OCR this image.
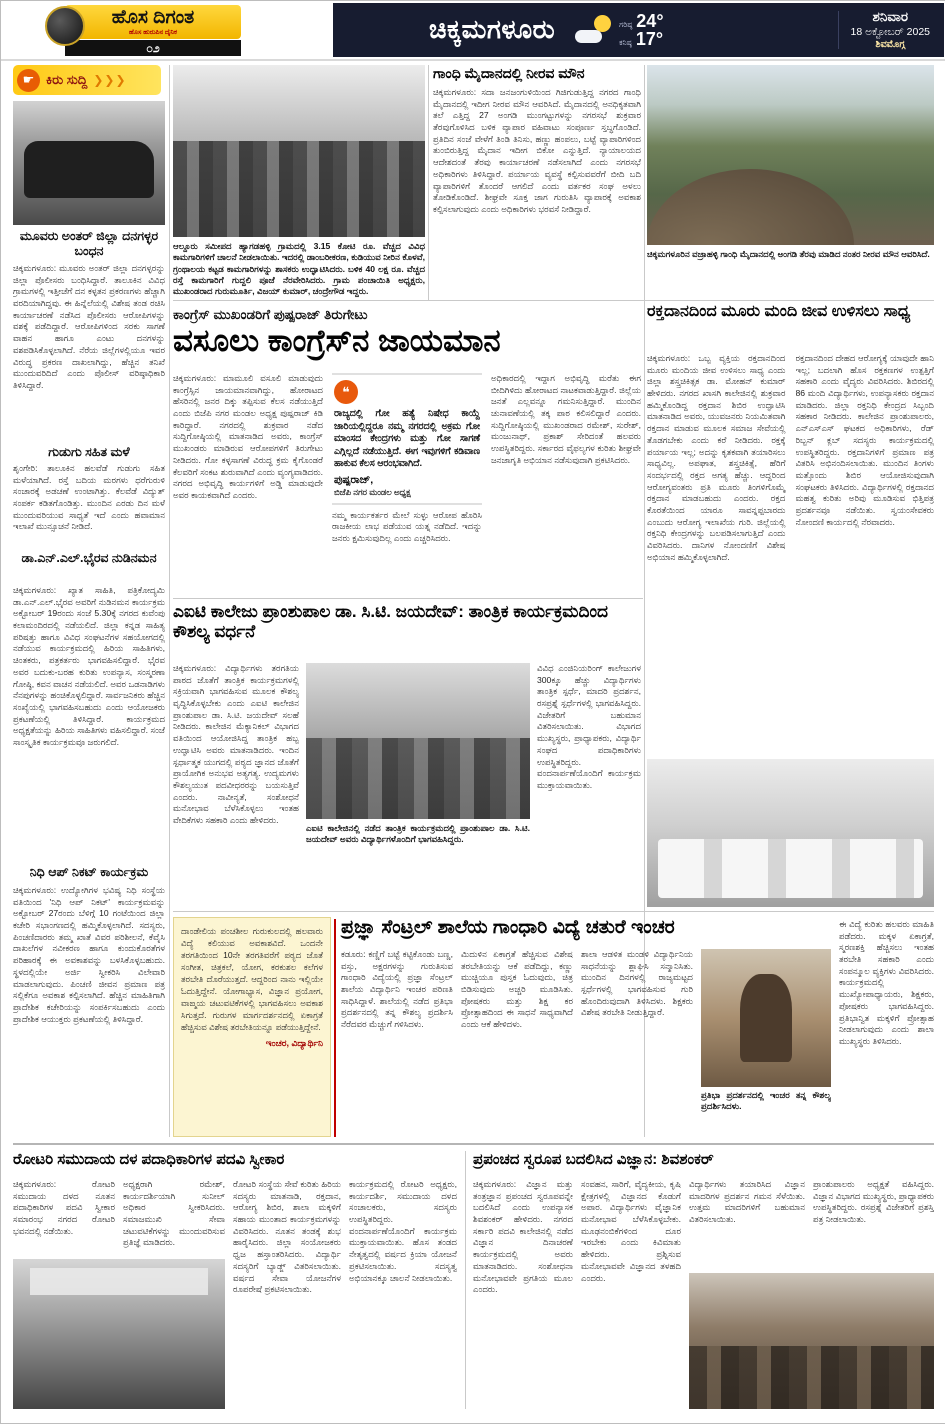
ಹೊಸ ದಿಗಂತ
ಹೊಸ ಹುರುಪಿನ ದೈನಿಕ
೦೨
ಚಿಕ್ಕಮಗಳೂರು	ಗರಿಷ್ಠ 24°
ಕನಿಷ್ಠ 17°
ಶನಿವಾರ
18 ಅಕ್ಟೋಬರ್ 2025
ಶಿವಮೊಗ್ಗ
☛ ಕಿರು ಸುದ್ದಿ ❯❯❯
ಮೂವರು ಅಂತರ್ ಜಿಲ್ಲಾ ದನಗಳ್ಳರ ಬಂಧನ
ಚಿಕ್ಕಮಗಳೂರು: ಮೂವರು ಅಂತರ್ ಜಿಲ್ಲಾ ದನಗಳ್ಳರನ್ನು ಜಿಲ್ಲಾ ಪೊಲೀಸರು ಬಂಧಿಸಿದ್ದಾರೆ. ತಾಲೂಕಿನ ವಿವಿಧ ಗ್ರಾಮಗಳಲ್ಲಿ ಇತ್ತೀಚೆಗೆ ದನ ಕಳ್ಳತನ ಪ್ರಕರಣಗಳು ಹೆಚ್ಚಾಗಿ ವರದಿಯಾಗಿದ್ದವು. ಈ ಹಿನ್ನೆಲೆಯಲ್ಲಿ ವಿಶೇಷ ತಂಡ ರಚಿಸಿ ಕಾರ್ಯಾಚರಣೆ ನಡೆಸಿದ ಪೊಲೀಸರು ಆರೋಪಿಗಳನ್ನು ವಶಕ್ಕೆ ಪಡೆದಿದ್ದಾರೆ. ಆರೋಪಿಗಳಿಂದ ಸರಕು ಸಾಗಣೆ ವಾಹನ ಹಾಗೂ ಎಂಟು ದನಗಳನ್ನು ವಶಪಡಿಸಿಕೊಳ್ಳಲಾಗಿದೆ. ನೆರೆಯ ಜಿಲ್ಲೆಗಳಲ್ಲಿಯೂ ಇವರ ವಿರುದ್ಧ ಪ್ರಕರಣ ದಾಖಲಾಗಿದ್ದು, ಹೆಚ್ಚಿನ ತನಿಖೆ ಮುಂದುವರಿದಿದೆ ಎಂದು ಪೊಲೀಸ್ ವರಿಷ್ಠಾಧಿಕಾರಿ ತಿಳಿಸಿದ್ದಾರೆ.
ಗುಡುಗು ಸಹಿತ ಮಳೆ
ಶೃಂಗೇರಿ: ತಾಲೂಕಿನ ಹಲವೆಡೆ ಗುಡುಗು ಸಹಿತ ಮಳೆಯಾಗಿದೆ. ರಸ್ತೆ ಬದಿಯ ಮರಗಳು ಧರೆಗುರುಳಿ ಸಂಚಾರಕ್ಕೆ ಅಡಚಣೆ ಉಂಟಾಗಿತ್ತು. ಕೆಲವೆಡೆ ವಿದ್ಯುತ್ ಸಂಪರ್ಕ ಕಡಿತಗೊಂಡಿತ್ತು. ಮುಂದಿನ ಎರಡು ದಿನ ಮಳೆ ಮುಂದುವರಿಯುವ ಸಾಧ್ಯತೆ ಇದೆ ಎಂದು ಹವಾಮಾನ ಇಲಾಖೆ ಮುನ್ಸೂಚನೆ ನೀಡಿದೆ.
ಡಾ.ಎನ್.ಎಲ್.ಭೈರವ ನುಡಿನಮನ
ಚಿಕ್ಕಮಗಳೂರು: ಖ್ಯಾತ ಸಾಹಿತಿ, ಪತ್ರಿಕೋದ್ಯಮಿ ಡಾ.ಎನ್.ಎಲ್.ಭೈರವ ಅವರಿಗೆ ನುಡಿನಮನ ಕಾರ್ಯಕ್ರಮ ಅಕ್ಟೋಬರ್ 19ರಂದು ಸಂಜೆ 5.30ಕ್ಕೆ ನಗರದ ಕುವೆಂಪು ಕಲಾಮಂದಿರದಲ್ಲಿ ನಡೆಯಲಿದೆ. ಜಿಲ್ಲಾ ಕನ್ನಡ ಸಾಹಿತ್ಯ ಪರಿಷತ್ತು ಹಾಗೂ ವಿವಿಧ ಸಂಘಟನೆಗಳ ಸಹಯೋಗದಲ್ಲಿ ನಡೆಯುವ ಕಾರ್ಯಕ್ರಮದಲ್ಲಿ ಹಿರಿಯ ಸಾಹಿತಿಗಳು, ಚಿಂತಕರು, ಪತ್ರಕರ್ತರು ಭಾಗವಹಿಸಲಿದ್ದಾರೆ. ಭೈರವ ಅವರ ಬದುಕು-ಬರಹ ಕುರಿತು ಉಪನ್ಯಾಸ, ಸಂಸ್ಮರಣಾ ಗೋಷ್ಠಿ, ಕವನ ವಾಚನ ನಡೆಯಲಿದೆ. ಅವರ ಒಡನಾಡಿಗಳು ನೆನಪುಗಳನ್ನು ಹಂಚಿಕೊಳ್ಳಲಿದ್ದಾರೆ. ಸಾರ್ವಜನಿಕರು ಹೆಚ್ಚಿನ ಸಂಖ್ಯೆಯಲ್ಲಿ ಭಾಗವಹಿಸಬಹುದು ಎಂದು ಆಯೋಜಕರು ಪ್ರಕಟಣೆಯಲ್ಲಿ ತಿಳಿಸಿದ್ದಾರೆ. ಕಾರ್ಯಕ್ರಮದ ಅಧ್ಯಕ್ಷತೆಯನ್ನು ಹಿರಿಯ ಸಾಹಿತಿಗಳು ವಹಿಸಲಿದ್ದಾರೆ. ಸಂಜೆ ಸಾಂಸ್ಕೃತಿಕ ಕಾರ್ಯಕ್ರಮವೂ ಜರುಗಲಿದೆ.
ನಿಧಿ ಆಪ್ ನಿಕಟ್ ಕಾರ್ಯಕ್ರಮ
ಚಿಕ್ಕಮಗಳೂರು: ಉದ್ಯೋಗಿಗಳ ಭವಿಷ್ಯ ನಿಧಿ ಸಂಸ್ಥೆಯ ವತಿಯಿಂದ 'ನಿಧಿ ಆಪ್ ನಿಕಟ್' ಕಾರ್ಯಕ್ರಮವನ್ನು ಅಕ್ಟೋಬರ್ 27ರಂದು ಬೆಳಿಗ್ಗೆ 10 ಗಂಟೆಯಿಂದ ಜಿಲ್ಲಾ ಕಚೇರಿ ಸಭಾಂಗಣದಲ್ಲಿ ಹಮ್ಮಿಕೊಳ್ಳಲಾಗಿದೆ. ಸದಸ್ಯರು, ಪಿಂಚಣಿದಾರರು ತಮ್ಮ ಖಾತೆ ವಿವರ ಪರಿಶೀಲನೆ, ಕೆವೈಸಿ ದಾಖಲೆಗಳ ನವೀಕರಣ ಹಾಗೂ ಕುಂದುಕೊರತೆಗಳ ಪರಿಹಾರಕ್ಕೆ ಈ ಅವಕಾಶವನ್ನು ಬಳಸಿಕೊಳ್ಳಬಹುದು. ಸ್ಥಳದಲ್ಲಿಯೇ ಅರ್ಜಿ ಸ್ವೀಕರಿಸಿ ವಿಲೇವಾರಿ ಮಾಡಲಾಗುವುದು. ಪಿಂಚಣಿ ಜೀವನ ಪ್ರಮಾಣ ಪತ್ರ ಸಲ್ಲಿಕೆಗೂ ಅವಕಾಶ ಕಲ್ಪಿಸಲಾಗಿದೆ. ಹೆಚ್ಚಿನ ಮಾಹಿತಿಗಾಗಿ ಪ್ರಾದೇಶಿಕ ಕಚೇರಿಯನ್ನು ಸಂಪರ್ಕಿಸಬಹುದು ಎಂದು ಪ್ರಾದೇಶಿಕ ಆಯುಕ್ತರು ಪ್ರಕಟಣೆಯಲ್ಲಿ ತಿಳಿಸಿದ್ದಾರೆ.
ಆಲ್ದೂರು ಸಮೀಪದ ಹ್ಯಾಗಡಹಳ್ಳಿ ಗ್ರಾಮದಲ್ಲಿ 3.15 ಕೋಟಿ ರೂ. ವೆಚ್ಚದ ವಿವಿಧ ಕಾಮಗಾರಿಗಳಿಗೆ ಚಾಲನೆ ನೀಡಲಾಯಿತು. ಇದರಲ್ಲಿ ಡಾಂಬರೀಕರಣ, ಕುಡಿಯುವ ನೀರಿನ ಕೊಳವೆ, ಗ್ರಂಥಾಲಯ ಕಟ್ಟಡ ಕಾಮಗಾರಿಗಳನ್ನು ಶಾಸಕರು ಉದ್ಘಾಟಿಸಿದರು. ಬಳಿಕ 40 ಲಕ್ಷ ರೂ. ವೆಚ್ಚದ ರಸ್ತೆ ಕಾಮಗಾರಿಗೆ ಗುದ್ದಲಿ ಪೂಜೆ ನೆರವೇರಿಸಿದರು. ಗ್ರಾಮ ಪಂಚಾಯಿತಿ ಅಧ್ಯಕ್ಷರು, ಮುಖಂಡರಾದ ಗುರುಮೂರ್ತಿ, ವಿಜಯ್ ಕುಮಾರ್, ಚಂದ್ರೇಗೌಡ ಇದ್ದರು.
ಗಾಂಧಿ ಮೈದಾನದಲ್ಲಿ ನೀರವ ಮೌನ
ಚಿಕ್ಕಮಗಳೂರು: ಸದಾ ಜನಜಂಗುಳಿಯಿಂದ ಗಿಜಿಗುಡುತ್ತಿದ್ದ ನಗರದ ಗಾಂಧಿ ಮೈದಾನದಲ್ಲಿ ಇದೀಗ ನೀರವ ಮೌನ ಆವರಿಸಿದೆ. ಮೈದಾನದಲ್ಲಿ ಅನಧಿಕೃತವಾಗಿ ತಲೆ ಎತ್ತಿದ್ದ 27 ಅಂಗಡಿ ಮುಂಗಟ್ಟುಗಳನ್ನು ನಗರಸಭೆ ಶುಕ್ರವಾರ ತೆರವುಗೊಳಿಸಿದ ಬಳಿಕ ವ್ಯಾಪಾರ ವಹಿವಾಟು ಸಂಪೂರ್ಣ ಸ್ತಬ್ಧಗೊಂಡಿದೆ. ಪ್ರತಿದಿನ ಸಂಜೆ ವೇಳೆಗೆ ತಿಂಡಿ ತಿನಿಸು, ಹಣ್ಣು ಹಂಪಲು, ಬಟ್ಟೆ ವ್ಯಾಪಾರಿಗಳಿಂದ ತುಂಬಿರುತ್ತಿದ್ದ ಮೈದಾನ ಇದೀಗ ಬಿಕೋ ಎನ್ನುತ್ತಿದೆ. ನ್ಯಾಯಾಲಯದ ಆದೇಶದಂತೆ ತೆರವು ಕಾರ್ಯಾಚರಣೆ ನಡೆಸಲಾಗಿದೆ ಎಂದು ನಗರಸಭೆ ಅಧಿಕಾರಿಗಳು ತಿಳಿಸಿದ್ದಾರೆ. ಪರ್ಯಾಯ ವ್ಯವಸ್ಥೆ ಕಲ್ಪಿಸುವವರೆಗೆ ಬೀದಿ ಬದಿ ವ್ಯಾಪಾರಿಗಳಿಗೆ ತೊಂದರೆ ಆಗಲಿದೆ ಎಂದು ವರ್ತಕರ ಸಂಘ ಅಳಲು ತೋಡಿಕೊಂಡಿದೆ. ಶೀಘ್ರವೇ ಸೂಕ್ತ ಜಾಗ ಗುರುತಿಸಿ ವ್ಯಾಪಾರಕ್ಕೆ ಅವಕಾಶ ಕಲ್ಪಿಸಲಾಗುವುದು ಎಂದು ಅಧಿಕಾರಿಗಳು ಭರವಸೆ ನೀಡಿದ್ದಾರೆ.
ಚಿಕ್ಕಮಗಳೂರಿನ ವಜ್ರಾಹಳ್ಳಿ ಗಾಂಧಿ ಮೈದಾನದಲ್ಲಿ ಅಂಗಡಿ ತೆರವು ಮಾಡಿದ ನಂತರ ನೀರವ ಮೌನ ಆವರಿಸಿದೆ.
ಕಾಂಗ್ರೆಸ್ ಮುಖಂಡರಿಗೆ ಪುಷ್ಪರಾಜ್ ತಿರುಗೇಟು
ವಸೂಲು ಕಾಂಗ್ರೆಸ್‌ನ ಜಾಯಮಾನ
ಚಿಕ್ಕಮಗಳೂರು: ಮಾಮೂಲಿ ವಸೂಲಿ ಮಾಡುವುದು ಕಾಂಗ್ರೆಸ್ಸಿನ ಜಾಯಮಾನವಾಗಿದ್ದು, ಹೋರಾಟದ ಹೆಸರಿನಲ್ಲಿ ಜನರ ದಿಕ್ಕು ತಪ್ಪಿಸುವ ಕೆಲಸ ನಡೆಯುತ್ತಿದೆ ಎಂದು ಬಿಜೆಪಿ ನಗರ ಮಂಡಲ ಅಧ್ಯಕ್ಷ ಪುಷ್ಪರಾಜ್ ಕಿಡಿ ಕಾರಿದ್ದಾರೆ. ನಗರದಲ್ಲಿ ಶುಕ್ರವಾರ ನಡೆದ ಸುದ್ದಿಗೋಷ್ಠಿಯಲ್ಲಿ ಮಾತನಾಡಿದ ಅವರು, ಕಾಂಗ್ರೆಸ್ ಮುಖಂಡರು ಮಾಡಿರುವ ಆರೋಪಗಳಿಗೆ ತಿರುಗೇಟು ನೀಡಿದರು. ಗೋ ಕಳ್ಳಸಾಗಣೆ ವಿರುದ್ಧ ಕ್ರಮ ಕೈಗೊಂಡರೆ ಕೆಲವರಿಗೆ ಸಂಕಟ ಶುರುವಾಗಿದೆ ಎಂದು ವ್ಯಂಗ್ಯವಾಡಿದರು. ನಗರದ ಅಭಿವೃದ್ಧಿ ಕಾರ್ಯಗಳಿಗೆ ಅಡ್ಡಿ ಮಾಡುವುದೇ ಅವರ ಕಾಯಕವಾಗಿದೆ ಎಂದರು.
❝
ರಾಜ್ಯದಲ್ಲಿ ಗೋ ಹತ್ಯೆ ನಿಷೇಧ ಕಾಯ್ದೆ ಜಾರಿಯಲ್ಲಿದ್ದರೂ ನಮ್ಮ ನಗರದಲ್ಲಿ ಅಕ್ರಮ ಗೋ ಮಾಂಸದ ಕೇಂದ್ರಗಳು ಮತ್ತು ಗೋ ಸಾಗಣೆ ಎಗ್ಗಿಲ್ಲದೆ ನಡೆಯುತ್ತಿದೆ. ಈಗ ಇವುಗಳಿಗೆ ಕಡಿವಾಣ ಹಾಕುವ ಕೆಲಸ ಆರಂಭವಾಗಿದೆ.
ಪುಷ್ಪರಾಜ್,
ಬಿಜೆಪಿ ನಗರ ಮಂಡಲ ಅಧ್ಯಕ್ಷ
ನಮ್ಮ ಕಾರ್ಯಕರ್ತರ ಮೇಲೆ ಸುಳ್ಳು ಆರೋಪ ಹೊರಿಸಿ ರಾಜಕೀಯ ಲಾಭ ಪಡೆಯುವ ಯತ್ನ ನಡೆದಿದೆ. ಇದನ್ನು ಜನರು ಕ್ಷಮಿಸುವುದಿಲ್ಲ ಎಂದು ಎಚ್ಚರಿಸಿದರು.
ಅಧಿಕಾರದಲ್ಲಿ ಇದ್ದಾಗ ಅಭಿವೃದ್ಧಿ ಮರೆತು ಈಗ ಬೀದಿಗಿಳಿದು ಹೋರಾಟದ ನಾಟಕವಾಡುತ್ತಿದ್ದಾರೆ. ಜಿಲ್ಲೆಯ ಜನತೆ ಎಲ್ಲವನ್ನೂ ಗಮನಿಸುತ್ತಿದ್ದಾರೆ. ಮುಂದಿನ ಚುನಾವಣೆಯಲ್ಲಿ ತಕ್ಕ ಪಾಠ ಕಲಿಸಲಿದ್ದಾರೆ ಎಂದರು. ಸುದ್ದಿಗೋಷ್ಠಿಯಲ್ಲಿ ಮುಖಂಡರಾದ ರಮೇಶ್, ಸುರೇಶ್, ಮಂಜುನಾಥ್, ಪ್ರಕಾಶ್ ಸೇರಿದಂತೆ ಹಲವರು ಉಪಸ್ಥಿತರಿದ್ದರು. ಸರ್ಕಾರದ ವೈಫಲ್ಯಗಳ ಕುರಿತು ಶೀಘ್ರವೇ ಜನಜಾಗೃತಿ ಅಭಿಯಾನ ನಡೆಸುವುದಾಗಿ ಪ್ರಕಟಿಸಿದರು.
ರಕ್ತದಾನದಿಂದ ಮೂರು ಮಂದಿ ಜೀವ ಉಳಿಸಲು ಸಾಧ್ಯ
ಚಿಕ್ಕಮಗಳೂರು: ಒಬ್ಬ ವ್ಯಕ್ತಿಯ ರಕ್ತದಾನದಿಂದ ಮೂರು ಮಂದಿಯ ಜೀವ ಉಳಿಸಲು ಸಾಧ್ಯ ಎಂದು ಜಿಲ್ಲಾ ಶಸ್ತ್ರಚಿಕಿತ್ಸಕ ಡಾ. ಮೋಹನ್ ಕುಮಾರ್ ಹೇಳಿದರು. ನಗರದ ಖಾಸಗಿ ಕಾಲೇಜಿನಲ್ಲಿ ಶುಕ್ರವಾರ ಹಮ್ಮಿಕೊಂಡಿದ್ದ ರಕ್ತದಾನ ಶಿಬಿರ ಉದ್ಘಾಟಿಸಿ ಮಾತನಾಡಿದ ಅವರು, ಯುವಜನರು ನಿಯಮಿತವಾಗಿ ರಕ್ತದಾನ ಮಾಡುವ ಮೂಲಕ ಸಮಾಜ ಸೇವೆಯಲ್ಲಿ ತೊಡಗಬೇಕು ಎಂದು ಕರೆ ನೀಡಿದರು. ರಕ್ತಕ್ಕೆ ಪರ್ಯಾಯ ಇಲ್ಲ; ಅದನ್ನು ಕೃತಕವಾಗಿ ತಯಾರಿಸಲು ಸಾಧ್ಯವಿಲ್ಲ. ಅಪಘಾತ, ಶಸ್ತ್ರಚಿಕಿತ್ಸೆ, ಹೆರಿಗೆ ಸಂದರ್ಭದಲ್ಲಿ ರಕ್ತದ ಅಗತ್ಯ ಹೆಚ್ಚು. ಆದ್ದರಿಂದ ಆರೋಗ್ಯವಂತರು ಪ್ರತಿ ಮೂರು ತಿಂಗಳಿಗೊಮ್ಮೆ ರಕ್ತದಾನ ಮಾಡಬಹುದು ಎಂದರು. ರಕ್ತದ ಕೊರತೆಯಿಂದ ಯಾರೂ ಸಾವನ್ನಪ್ಪಬಾರದು ಎಂಬುದು ಆರೋಗ್ಯ ಇಲಾಖೆಯ ಗುರಿ. ಜಿಲ್ಲೆಯಲ್ಲಿ ರಕ್ತನಿಧಿ ಕೇಂದ್ರಗಳನ್ನು ಬಲಪಡಿಸಲಾಗುತ್ತಿದೆ ಎಂದು ವಿವರಿಸಿದರು. ದಾನಿಗಳ ನೋಂದಣಿಗೆ ವಿಶೇಷ ಅಭಿಯಾನ ಹಮ್ಮಿಕೊಳ್ಳಲಾಗಿದೆ.
ರಕ್ತದಾನದಿಂದ ದೇಹದ ಆರೋಗ್ಯಕ್ಕೆ ಯಾವುದೇ ಹಾನಿ ಇಲ್ಲ; ಬದಲಾಗಿ ಹೊಸ ರಕ್ತಕಣಗಳ ಉತ್ಪತ್ತಿಗೆ ಸಹಕಾರಿ ಎಂದು ವೈದ್ಯರು ವಿವರಿಸಿದರು. ಶಿಬಿರದಲ್ಲಿ 86 ಮಂದಿ ವಿದ್ಯಾರ್ಥಿಗಳು, ಉಪನ್ಯಾಸಕರು ರಕ್ತದಾನ ಮಾಡಿದರು. ಜಿಲ್ಲಾ ರಕ್ತನಿಧಿ ಕೇಂದ್ರದ ಸಿಬ್ಬಂದಿ ಸಹಕಾರ ನೀಡಿದರು. ಕಾಲೇಜಿನ ಪ್ರಾಂಶುಪಾಲರು, ಎನ್‌ಎಸ್‌ಎಸ್ ಘಟಕದ ಅಧಿಕಾರಿಗಳು, ರೆಡ್ ರಿಬ್ಬನ್ ಕ್ಲಬ್ ಸದಸ್ಯರು ಕಾರ್ಯಕ್ರಮದಲ್ಲಿ ಉಪಸ್ಥಿತರಿದ್ದರು. ರಕ್ತದಾನಿಗಳಿಗೆ ಪ್ರಮಾಣ ಪತ್ರ ವಿತರಿಸಿ ಅಭಿನಂದಿಸಲಾಯಿತು. ಮುಂದಿನ ತಿಂಗಳು ಮತ್ತೊಂದು ಶಿಬಿರ ಆಯೋಜಿಸುವುದಾಗಿ ಸಂಘಟಕರು ತಿಳಿಸಿದರು. ವಿದ್ಯಾರ್ಥಿಗಳಲ್ಲಿ ರಕ್ತದಾನದ ಮಹತ್ವ ಕುರಿತು ಅರಿವು ಮೂಡಿಸುವ ಭಿತ್ತಿಪತ್ರ ಪ್ರದರ್ಶನವೂ ನಡೆಯಿತು. ಸ್ವಯಂಸೇವಕರು ನೋಂದಣಿ ಕಾರ್ಯದಲ್ಲಿ ನೆರವಾದರು.
ಎಐಟಿ ಕಾಲೇಜು ಪ್ರಾಂಶುಪಾಲ ಡಾ. ಸಿ.ಟಿ. ಜಯದೇವ್: ತಾಂತ್ರಿಕ ಕಾರ್ಯಕ್ರಮದಿಂದ ಕೌಶಲ್ಯ ವರ್ಧನೆ
ಚಿಕ್ಕಮಗಳೂರು: ವಿದ್ಯಾರ್ಥಿಗಳು ತರಗತಿಯ ಪಾಠದ ಜೊತೆಗೆ ತಾಂತ್ರಿಕ ಕಾರ್ಯಕ್ರಮಗಳಲ್ಲಿ ಸಕ್ರಿಯವಾಗಿ ಭಾಗವಹಿಸುವ ಮೂಲಕ ಕೌಶಲ್ಯ ವೃದ್ಧಿಸಿಕೊಳ್ಳಬೇಕು ಎಂದು ಎಐಟಿ ಕಾಲೇಜಿನ ಪ್ರಾಂಶುಪಾಲ ಡಾ. ಸಿ.ಟಿ. ಜಯದೇವ್ ಸಲಹೆ ನೀಡಿದರು. ಕಾಲೇಜಿನ ಮೆಕ್ಯಾನಿಕಲ್ ವಿಭಾಗದ ವತಿಯಿಂದ ಆಯೋಜಿಸಿದ್ದ ತಾಂತ್ರಿಕ ಹಬ್ಬ ಉದ್ಘಾಟಿಸಿ ಅವರು ಮಾತನಾಡಿದರು. ಇಂದಿನ ಸ್ಪರ್ಧಾತ್ಮಕ ಯುಗದಲ್ಲಿ ಪಠ್ಯದ ಜ್ಞಾನದ ಜೊತೆಗೆ ಪ್ರಾಯೋಗಿಕ ಅನುಭವ ಅತ್ಯಗತ್ಯ. ಉದ್ಯಮಗಳು ಕೌಶಲ್ಯಯುತ ಪದವೀಧರರನ್ನು ಬಯಸುತ್ತಿವೆ ಎಂದರು. ನಾವೀನ್ಯತೆ, ಸಂಶೋಧನೆ ಮನೋಭಾವ ಬೆಳೆಸಿಕೊಳ್ಳಲು ಇಂತಹ ವೇದಿಕೆಗಳು ಸಹಕಾರಿ ಎಂದು ಹೇಳಿದರು.
ಎಐಟಿ ಕಾಲೇಜಿನಲ್ಲಿ ನಡೆದ ತಾಂತ್ರಿಕ ಕಾರ್ಯಕ್ರಮದಲ್ಲಿ ಪ್ರಾಂಶುಪಾಲ ಡಾ. ಸಿ.ಟಿ. ಜಯದೇವ್ ಅವರು ವಿದ್ಯಾರ್ಥಿಗಳೊಂದಿಗೆ ಭಾಗವಹಿಸಿದ್ದರು.
ವಿವಿಧ ಎಂಜಿನಿಯರಿಂಗ್ ಕಾಲೇಜುಗಳ 300ಕ್ಕೂ ಹೆಚ್ಚು ವಿದ್ಯಾರ್ಥಿಗಳು ತಾಂತ್ರಿಕ ಸ್ಪರ್ಧೆ, ಮಾದರಿ ಪ್ರದರ್ಶನ, ರಸಪ್ರಶ್ನೆ ಸ್ಪರ್ಧೆಗಳಲ್ಲಿ ಭಾಗವಹಿಸಿದ್ದರು. ವಿಜೇತರಿಗೆ ಬಹುಮಾನ ವಿತರಿಸಲಾಯಿತು. ವಿಭಾಗದ ಮುಖ್ಯಸ್ಥರು, ಪ್ರಾಧ್ಯಾಪಕರು, ವಿದ್ಯಾರ್ಥಿ ಸಂಘದ ಪದಾಧಿಕಾರಿಗಳು ಉಪಸ್ಥಿತರಿದ್ದರು. ವಂದನಾರ್ಪಣೆಯೊಂದಿಗೆ ಕಾರ್ಯಕ್ರಮ ಮುಕ್ತಾಯವಾಯಿತು.
ದಾಂಡೇಲಿಯ ಪಂಚಶೀಲ ಗುರುಕುಲದಲ್ಲಿ ಹಲವಾರು ವಿದ್ಯೆ ಕಲಿಯುವ ಅವಕಾಶವಿದೆ. ಒಂದನೇ ತರಗತಿಯಿಂದ 10ನೇ ತರಗತಿವರೆಗೆ ಪಠ್ಯದ ಜೊತೆ ಸಂಗೀತ, ಚಿತ್ರಕಲೆ, ಯೋಗ, ಕರಕುಶಲ ಕಲೆಗಳ ತರಬೇತಿ ದೊರೆಯುತ್ತದೆ. ಆದ್ದರಿಂದ ನಾನು ಇಲ್ಲಿಯೇ ಓದುತ್ತಿದ್ದೇನೆ. ಯೋಗಾಭ್ಯಾಸ, ವಿಜ್ಞಾನ ಪ್ರಯೋಗ, ವಾಙ್ಮಯ ಚಟುವಟಿಕೆಗಳಲ್ಲಿ ಭಾಗವಹಿಸಲು ಅವಕಾಶ ಸಿಗುತ್ತದೆ. ಗುರುಗಳ ಮಾರ್ಗದರ್ಶನದಲ್ಲಿ ಏಕಾಗ್ರತೆ ಹೆಚ್ಚಿಸುವ ವಿಶೇಷ ತರಬೇತಿಯನ್ನೂ ಪಡೆಯುತ್ತಿದ್ದೇನೆ.
ಇಂಚರ, ವಿದ್ಯಾರ್ಥಿನಿ
ಪ್ರಜ್ಞಾ ಸೆಂಟ್ರಲ್ ಶಾಲೆಯ ಗಾಂಧಾರಿ ವಿದ್ಯೆ ಚತುರೆ ಇಂಚರ
ಕಡೂರು: ಕಣ್ಣಿಗೆ ಬಟ್ಟೆ ಕಟ್ಟಿಕೊಂಡು ಬಣ್ಣ, ವಸ್ತು, ಅಕ್ಷರಗಳನ್ನು ಗುರುತಿಸುವ ಗಾಂಧಾರಿ ವಿದ್ಯೆಯಲ್ಲಿ ಪ್ರಜ್ಞಾ ಸೆಂಟ್ರಲ್ ಶಾಲೆಯ ವಿದ್ಯಾರ್ಥಿನಿ ಇಂಚರ ಪರಿಣತಿ ಸಾಧಿಸಿದ್ದಾಳೆ. ಶಾಲೆಯಲ್ಲಿ ನಡೆದ ಪ್ರತಿಭಾ ಪ್ರದರ್ಶನದಲ್ಲಿ ತನ್ನ ಕೌಶಲ್ಯ ಪ್ರದರ್ಶಿಸಿ ನೆರೆದವರ ಮೆಚ್ಚುಗೆ ಗಳಿಸಿದಳು.
ಮಿದುಳಿನ ಏಕಾಗ್ರತೆ ಹೆಚ್ಚಿಸುವ ವಿಶೇಷ ತರಬೇತಿಯನ್ನು ಆಕೆ ಪಡೆದಿದ್ದು, ಕಣ್ಣು ಮುಚ್ಚಿಯೂ ಪುಸ್ತಕ ಓದುವುದು, ಚಿತ್ರ ಬಿಡಿಸುವುದು ಅಚ್ಚರಿ ಮೂಡಿಸಿತು. ಪೋಷಕರು ಮತ್ತು ಶಿಕ್ಷ ಕರ ಪ್ರೋತ್ಸಾಹದಿಂದ ಈ ಸಾಧನೆ ಸಾಧ್ಯವಾಗಿದೆ ಎಂದು ಆಕೆ ಹೇಳಿದಳು.
ಶಾಲಾ ಆಡಳಿತ ಮಂಡಳಿ ವಿದ್ಯಾರ್ಥಿನಿಯ ಸಾಧನೆಯನ್ನು ಶ್ಲಾಘಿಸಿ ಸನ್ಮಾನಿಸಿತು. ಮುಂದಿನ ದಿನಗಳಲ್ಲಿ ರಾಜ್ಯಮಟ್ಟದ ಸ್ಪರ್ಧೆಗಳಲ್ಲಿ ಭಾಗವಹಿಸುವ ಗುರಿ ಹೊಂದಿರುವುದಾಗಿ ತಿಳಿಸಿದಳು. ಶಿಕ್ಷಕರು ವಿಶೇಷ ತರಬೇತಿ ನೀಡುತ್ತಿದ್ದಾರೆ.
ಪ್ರತಿಭಾ ಪ್ರದರ್ಶನದಲ್ಲಿ ಇಂಚರ ತನ್ನ ಕೌಶಲ್ಯ ಪ್ರದರ್ಶಿಸಿದಳು.
ಈ ವಿದ್ಯೆ ಕುರಿತು ಹಲವರು ಮಾಹಿತಿ ಪಡೆದರು. ಮಕ್ಕಳ ಏಕಾಗ್ರತೆ, ಸ್ಮರಣಶಕ್ತಿ ಹೆಚ್ಚಿಸಲು ಇಂತಹ ತರಬೇತಿ ಸಹಕಾರಿ ಎಂದು ಸಂಪನ್ಮೂಲ ವ್ಯಕ್ತಿಗಳು ವಿವರಿಸಿದರು. ಕಾರ್ಯಕ್ರಮದಲ್ಲಿ ಮುಖ್ಯೋಪಾಧ್ಯಾಯರು, ಶಿಕ್ಷಕರು, ಪೋಷಕರು ಭಾಗವಹಿಸಿದ್ದರು. ಪ್ರತಿಭಾನ್ವಿತ ಮಕ್ಕಳಿಗೆ ಪ್ರೋತ್ಸಾಹ ನೀಡಲಾಗುವುದು ಎಂದು ಶಾಲಾ ಮುಖ್ಯಸ್ಥರು ತಿಳಿಸಿದರು.
ರೋಟರಿ ಸಮುದಾಯ ದಳ ಪದಾಧಿಕಾರಿಗಳ ಪದವಿ ಸ್ವೀಕಾರ
ಚಿಕ್ಕಮಗಳೂರು: ರೋಟರಿ ಸಮುದಾಯ ದಳದ ನೂತನ ಪದಾಧಿಕಾರಿಗಳ ಪದವಿ ಸ್ವೀಕಾರ ಸಮಾರಂಭ ನಗರದ ರೋಟರಿ ಭವನದಲ್ಲಿ ನಡೆಯಿತು.
ಅಧ್ಯಕ್ಷರಾಗಿ ರಮೇಶ್, ಕಾರ್ಯದರ್ಶಿಯಾಗಿ ಸುನೀಲ್ ಅಧಿಕಾರ ಸ್ವೀಕರಿಸಿದರು. ಸಮಾಜಮುಖಿ ಸೇವಾ ಚಟುವಟಿಕೆಗಳನ್ನು ಮುಂದುವರಿಸುವ ಪ್ರತಿಜ್ಞೆ ಮಾಡಿದರು.
ರೋಟರಿ ಸಂಸ್ಥೆಯ ಸೇವೆ ಕುರಿತು ಹಿರಿಯ ಸದಸ್ಯರು ಮಾತನಾಡಿ, ರಕ್ತದಾನ, ಆರೋಗ್ಯ ಶಿಬಿರ, ಶಾಲಾ ಮಕ್ಕಳಿಗೆ ಸಹಾಯ ಮುಂತಾದ ಕಾರ್ಯಕ್ರಮಗಳನ್ನು ವಿವರಿಸಿದರು. ನೂತನ ತಂಡಕ್ಕೆ ಶುಭ ಹಾರೈಸಿದರು. ಜಿಲ್ಲಾ ಸಂಯೋಜಕರು ಧ್ವಜ ಹಸ್ತಾಂತರಿಸಿದರು. ವಿದ್ಯಾರ್ಥಿ ಸದಸ್ಯರಿಗೆ ಬ್ಯಾಡ್ಜ್ ವಿತರಿಸಲಾಯಿತು. ವರ್ಷದ ಸೇವಾ ಯೋಜನೆಗಳ ರೂಪರೇಷೆ ಪ್ರಕಟಿಸಲಾಯಿತು.
ಕಾರ್ಯಕ್ರಮದಲ್ಲಿ ರೋಟರಿ ಅಧ್ಯಕ್ಷರು, ಕಾರ್ಯದರ್ಶಿ, ಸಮುದಾಯ ದಳದ ಸಂಚಾಲಕರು, ಸದಸ್ಯರು ಉಪಸ್ಥಿತರಿದ್ದರು. ವಂದನಾರ್ಪಣೆಯೊಂದಿಗೆ ಕಾರ್ಯಕ್ರಮ ಮುಕ್ತಾಯವಾಯಿತು. ಹೊಸ ತಂಡದ ನೇತೃತ್ವದಲ್ಲಿ ವರ್ಷದ ಕ್ರಿಯಾ ಯೋಜನೆ ಪ್ರಕಟಿಸಲಾಯಿತು. ಸದಸ್ಯತ್ವ ಅಭಿಯಾನಕ್ಕೂ ಚಾಲನೆ ನೀಡಲಾಯಿತು.
ಪ್ರಪಂಚದ ಸ್ವರೂಪ ಬದಲಿಸಿದ ವಿಜ್ಞಾನ: ಶಿವಶಂಕರ್
ಚಿಕ್ಕಮಗಳೂರು: ವಿಜ್ಞಾನ ಮತ್ತು ತಂತ್ರಜ್ಞಾನ ಪ್ರಪಂಚದ ಸ್ವರೂಪವನ್ನೇ ಬದಲಿಸಿದೆ ಎಂದು ಉಪನ್ಯಾಸಕ ಶಿವಶಂಕರ್ ಹೇಳಿದರು. ನಗರದ ಸರ್ಕಾರಿ ಪದವಿ ಕಾಲೇಜಿನಲ್ಲಿ ನಡೆದ ವಿಜ್ಞಾನ ದಿನಾಚರಣೆ ಕಾರ್ಯಕ್ರಮದಲ್ಲಿ ಅವರು ಮಾತನಾಡಿದರು. ಸಂಶೋಧನಾ ಮನೋಭಾವವೇ ಪ್ರಗತಿಯ ಮೂಲ ಎಂದರು.
ಸಂವಹನ, ಸಾರಿಗೆ, ವೈದ್ಯಕೀಯ, ಕೃಷಿ ಕ್ಷೇತ್ರಗಳಲ್ಲಿ ವಿಜ್ಞಾನದ ಕೊಡುಗೆ ಅಪಾರ. ವಿದ್ಯಾರ್ಥಿಗಳು ವೈಜ್ಞಾನಿಕ ಮನೋಭಾವ ಬೆಳೆಸಿಕೊಳ್ಳಬೇಕು. ಮೂಢನಂಬಿಕೆಗಳಿಂದ ದೂರ ಇರಬೇಕು ಎಂದು ಕಿವಿಮಾತು ಹೇಳಿದರು. ಪ್ರಶ್ನಿಸುವ ಮನೋಭಾವವೇ ವಿಜ್ಞಾನದ ತಳಹದಿ ಎಂದರು.
ವಿದ್ಯಾರ್ಥಿಗಳು ತಯಾರಿಸಿದ ವಿಜ್ಞಾನ ಮಾದರಿಗಳ ಪ್ರದರ್ಶನ ಗಮನ ಸೆಳೆಯಿತು. ಉತ್ತಮ ಮಾದರಿಗಳಿಗೆ ಬಹುಮಾನ ವಿತರಿಸಲಾಯಿತು.
ಪ್ರಾಂಶುಪಾಲರು ಅಧ್ಯಕ್ಷತೆ ವಹಿಸಿದ್ದರು. ವಿಜ್ಞಾನ ವಿಭಾಗದ ಮುಖ್ಯಸ್ಥರು, ಪ್ರಾಧ್ಯಾಪಕರು ಉಪಸ್ಥಿತರಿದ್ದರು. ರಸಪ್ರಶ್ನೆ ವಿಜೇತರಿಗೆ ಪ್ರಶಸ್ತಿ ಪತ್ರ ನೀಡಲಾಯಿತು.
